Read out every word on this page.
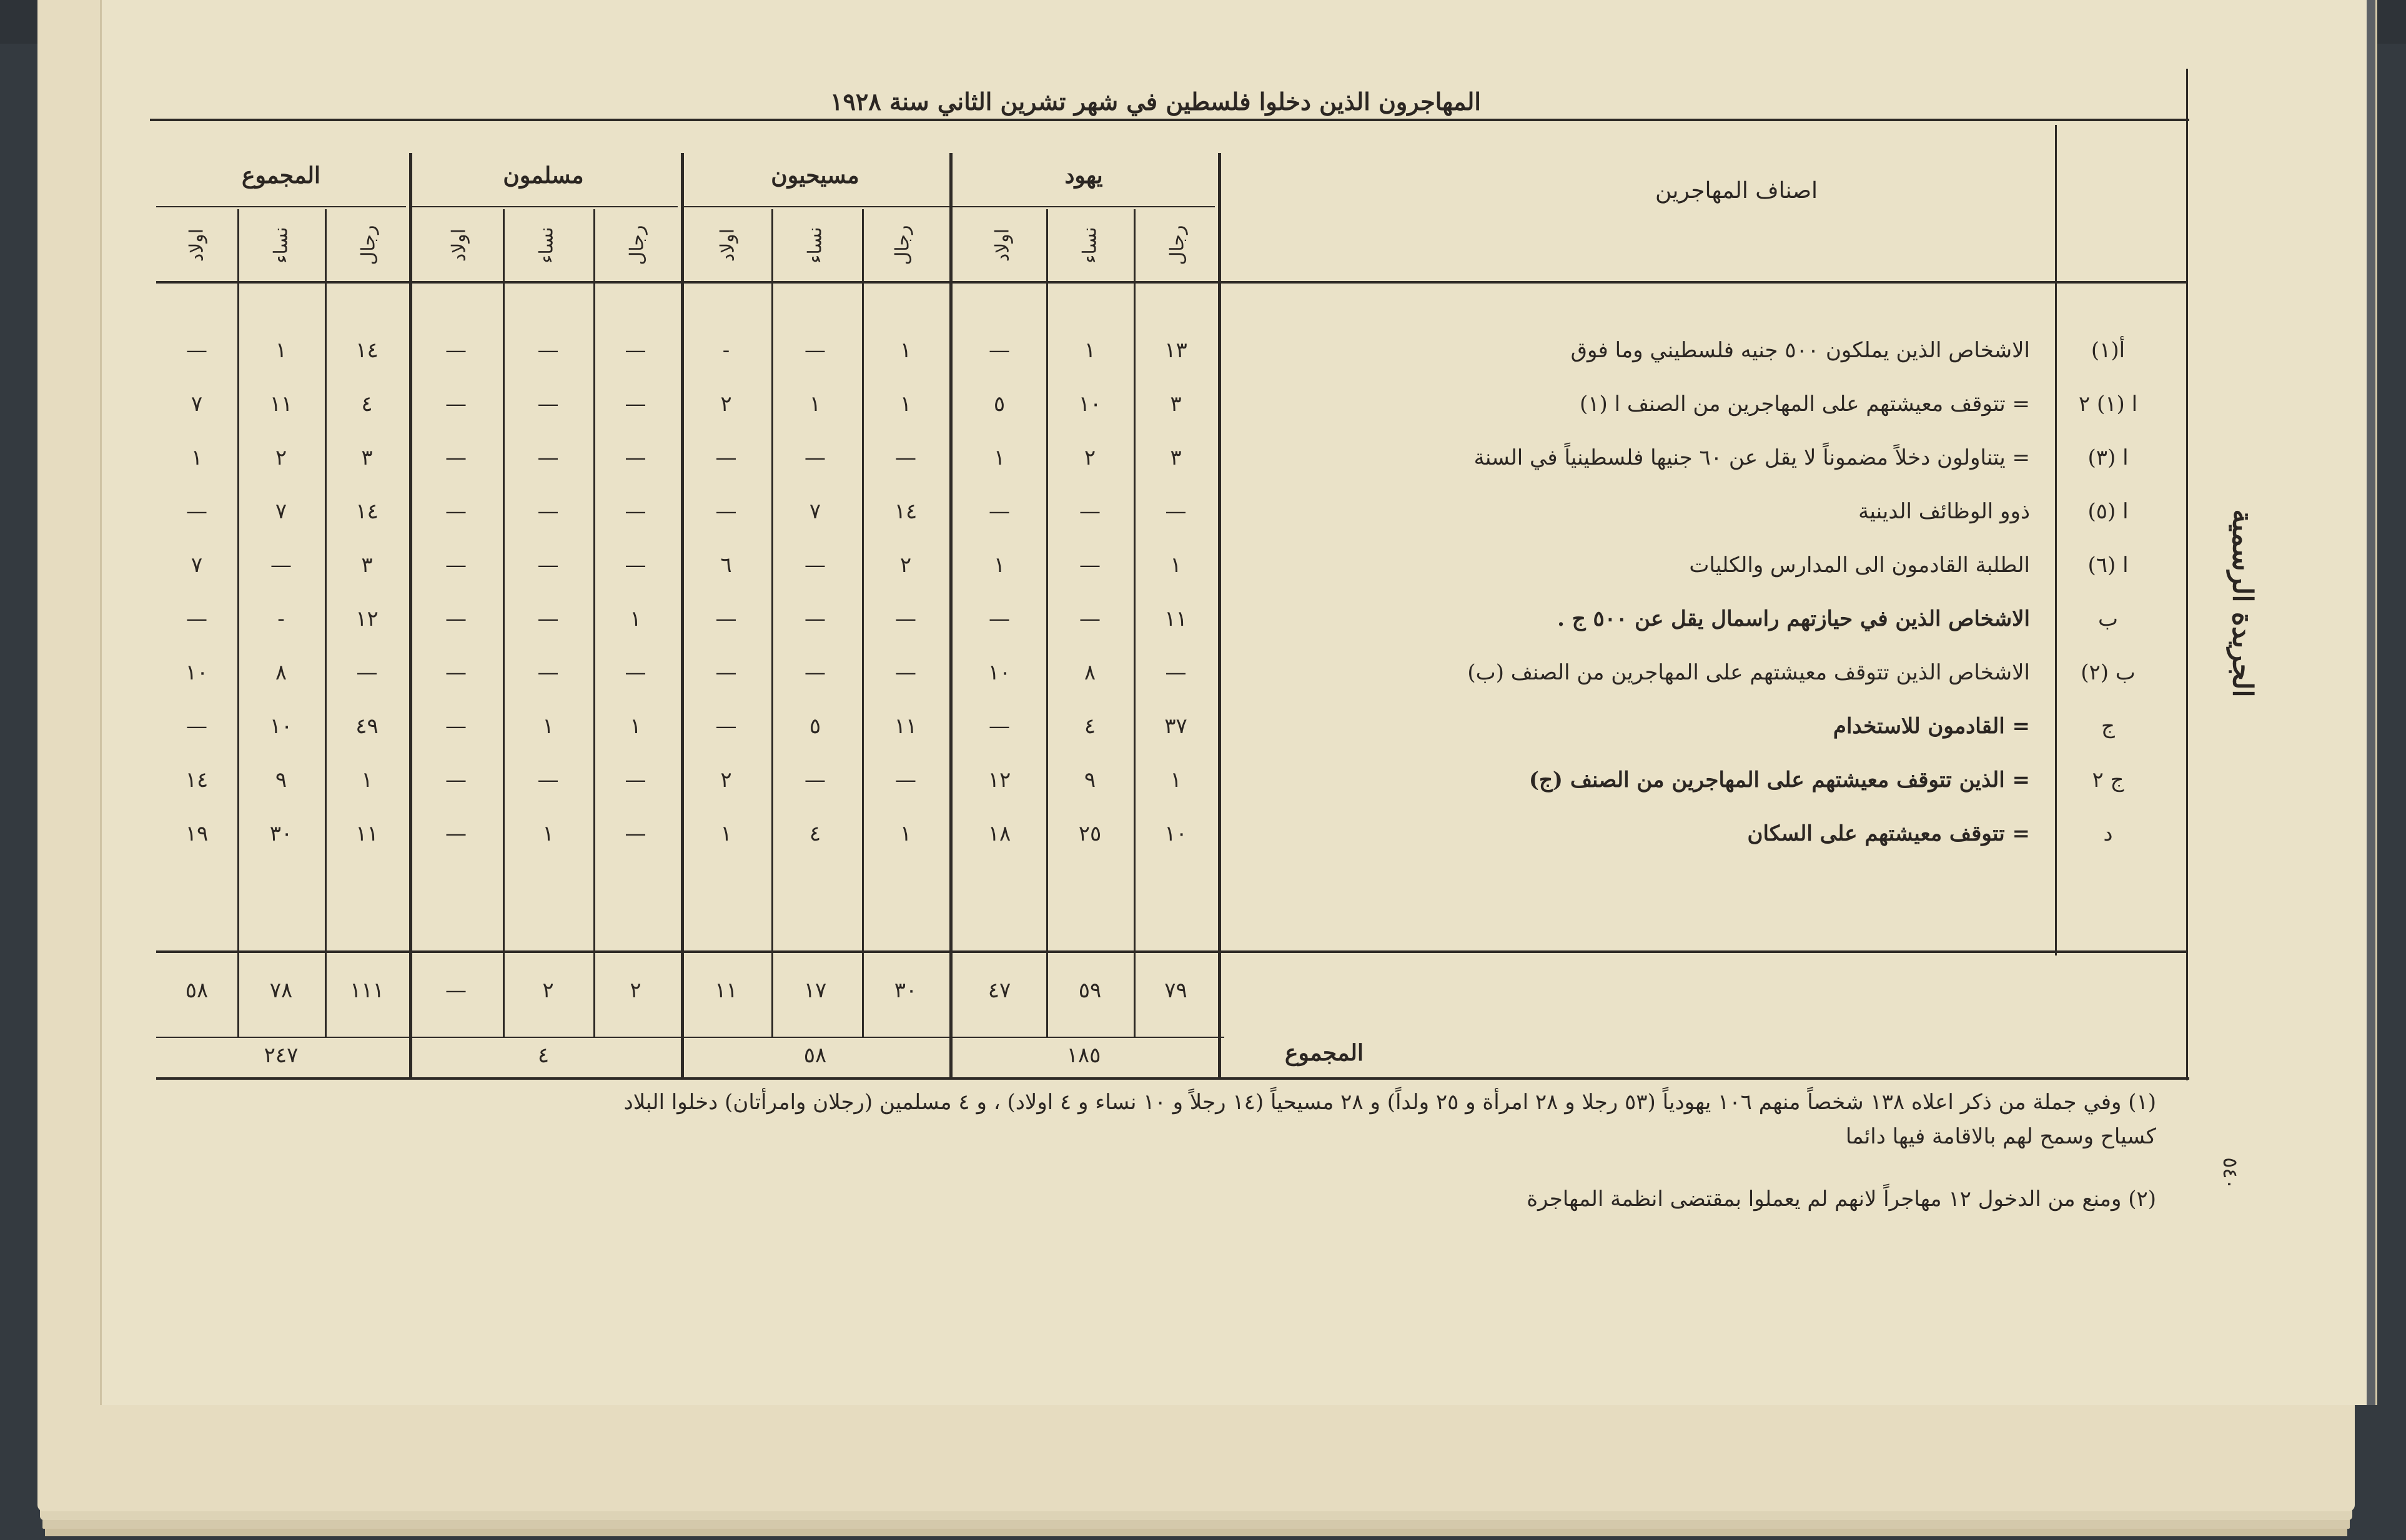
المهاجرون الذين دخلوا فلسطين في شهر تشرين الثاني سنة ١٩٢٨
يهود
مسيحيون
مسلمون
المجموع
اصناف المهاجرين
رجال
نساء
اولاد
رجال
نساء
اولاد
رجال
نساء
اولاد
رجال
نساء
اولاد
أ(١)
الاشخاص الذين يملكون ٥٠٠ جنيه فلسطيني وما فوق
١٣
١
—
١
—
-
—
—
—
١٤
١
—
ا (١) ٢
= تتوقف معيشتهم على المهاجرين من الصنف ا (١)
٣
١٠
٥
١
١
٢
—
—
—
٤
١١
٧
ا (٣)
= يتناولون دخلاً مضموناً لا يقل عن ٦٠ جنيها فلسطينياً في السنة
٣
٢
١
—
—
—
—
—
—
٣
٢
١
ا (٥)
ذوو الوظائف الدينية
—
—
—
١٤
٧
—
—
—
—
١٤
٧
—
ا (٦)
الطلبة القادمون الى المدارس والكليات
١
—
١
٢
—
٦
—
—
—
٣
—
٧
ب
الاشخاص الذين في حيازتهم راسمال يقل عن ٥٠٠ ج .
١١
—
—
—
—
—
١
—
—
١٢
-
—
ب (٢)
الاشخاص الذين تتوقف معيشتهم على المهاجرين من الصنف (ب)
—
٨
١٠
—
—
—
—
—
—
—
٨
١٠
ج
= القادمون للاستخدام
٣٧
٤
—
١١
٥
—
١
١
—
٤٩
١٠
—
ج ٢
= الذين تتوقف معيشتهم على المهاجرين من الصنف (ج)
١
٩
١٢
—
—
٢
—
—
—
١
٩
١٤
د
= تتوقف معيشتهم على السكان
١٠
٢٥
١٨
١
٤
١
—
١
—
١١
٣٠
١٩
٧٩
٥٩
٤٧
٣٠
١٧
١١
٢
٢
—
١١١
٧٨
٥٨
١٨٥
٥٨
٤
٢٤٧	المجموع
(١) وفي جملة من ذكر اعلاه ١٣٨ شخصاً منهم ١٠٦ يهودياً (٥٣ رجلا و ٢٨ امرأة و ٢٥ ولداً) و ٢٨ مسيحياً (١٤ رجلاً و ١٠ نساء و ٤ اولاد) ، و ٤ مسلمين (رجلان وامرأتان) دخلوا البلاد
كسياح وسمح لهم بالاقامة فيها دائما
(٢) ومنع من الدخول ١٢ مهاجراً لانهم لم يعملوا بمقتضى انظمة المهاجرة
٥٤٠
